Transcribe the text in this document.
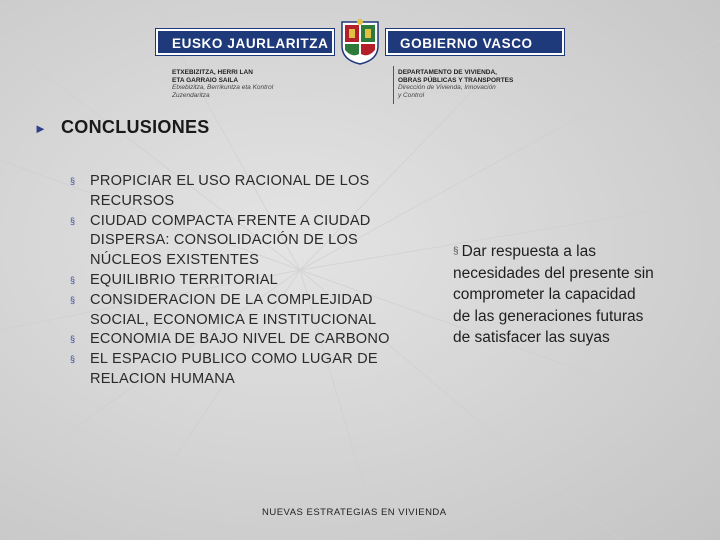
EUSKO JAURLARITZA	GOBIERNO VASCO
ETXEBIZITZA, HERRI LAN
ETA GARRAIO SAILA
Etxebizitza, Berrikuntza eta Kontrol
Zuzendaritza
DEPARTAMENTO DE VIVIENDA,
OBRAS PÚBLICAS Y TRANSPORTES
Dirección de Vivienda, Innovación
y Control
► CONCLUSIONES
§ PROPICIAR EL USO RACIONAL DE LOS
RECURSOS
§ CIUDAD COMPACTA FRENTE A CIUDAD
DISPERSA: CONSOLIDACIÓN DE LOS
NÚCLEOS EXISTENTES
§ EQUILIBRIO TERRITORIAL
§ CONSIDERACION DE LA COMPLEJIDAD
SOCIAL, ECONOMICA E INSTITUCIONAL
§ ECONOMIA DE BAJO NIVEL DE CARBONO
§ EL ESPACIO PUBLICO COMO LUGAR DE
RELACION HUMANA
§ Dar respuesta a las
necesidades del presente sin
comprometer la capacidad
de las generaciones futuras
de satisfacer las suyas
NUEVAS ESTRATEGIAS EN VIVIENDA
